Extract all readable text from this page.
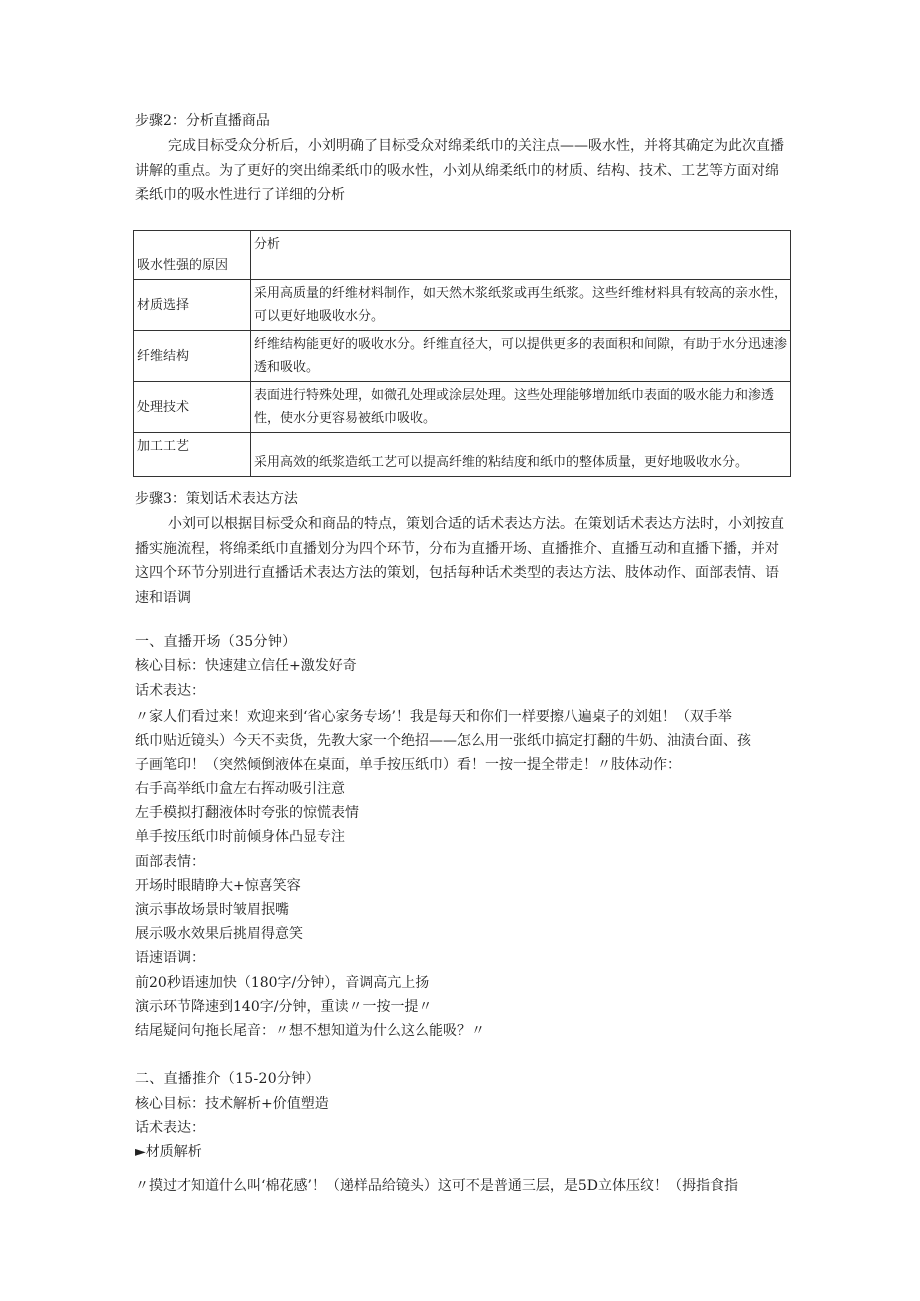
步骤2：分析直播商品
完成目标受众分析后，小刘明确了目标受众对绵柔纸巾的关注点——吸水性，并将其确定为此次直播讲解的重点。为了更好的突出绵柔纸巾的吸水性，小刘从绵柔纸巾的材质、结构、技术、工艺等方面对绵柔纸巾的吸水性进行了详细的分析
吸水性强的原因	分析
材质选择	采用高质量的纤维材料制作，如天然木浆纸浆或再生纸浆。这些纤维材料具有较高的亲水性，可以更好地吸收水分。
纤维结构	纤维结构能更好的吸收水分。纤维直径大，可以提供更多的表面积和间隙，有助于水分迅速渗透和吸收。
处理技术	表面进行特殊处理，如微孔处理或涂层处理。这些处理能够增加纸巾表面的吸水能力和渗透性，使水分更容易被纸巾吸收。
加工工艺	采用高效的纸浆造纸工艺可以提高纤维的粘结度和纸巾的整体质量，更好地吸收水分。
步骤3：策划话术表达方法
小刘可以根据目标受众和商品的特点，策划合适的话术表达方法。在策划话术表达方法时，小刘按直播实施流程，将绵柔纸巾直播划分为四个环节，分布为直播开场、直播推介、直播互动和直播下播，并对这四个环节分别进行直播话术表达方法的策划，包括每种话术类型的表达方法、肢体动作、面部表情、语速和语调
一、直播开场（35分钟）
核心目标：快速建立信任+激发好奇
话术表达：
〃家人们看过来！欢迎来到‘省心家务专场’！我是每天和你们一样要擦八遍桌子的刘姐！（双手举
纸巾贴近镜头）今天不卖货，先教大家一个绝招——怎么用一张纸巾搞定打翻的牛奶、油渍台面、孩
子画笔印！（突然倾倒液体在桌面，单手按压纸巾）看！一按一提全带走！〃肢体动作：
右手高举纸巾盒左右挥动吸引注意
左手模拟打翻液体时夸张的惊慌表情
单手按压纸巾时前倾身体凸显专注
面部表情：
开场时眼睛睁大+惊喜笑容
演示事故场景时皱眉抿嘴
展示吸水效果后挑眉得意笑
语速语调：
前20秒语速加快（180字/分钟），音调高亢上扬
演示环节降速到140字/分钟，重读〃一按一提〃
结尾疑问句拖长尾音：〃想不想知道为什么这么能吸？〃
二、直播推介（15-20分钟）
核心目标：技术解析+价值塑造
话术表达：
►材质解析
〃摸过才知道什么叫‘棉花感’！（递样品给镜头）这可不是普通三层，是5D立体压纹！（拇指食指
